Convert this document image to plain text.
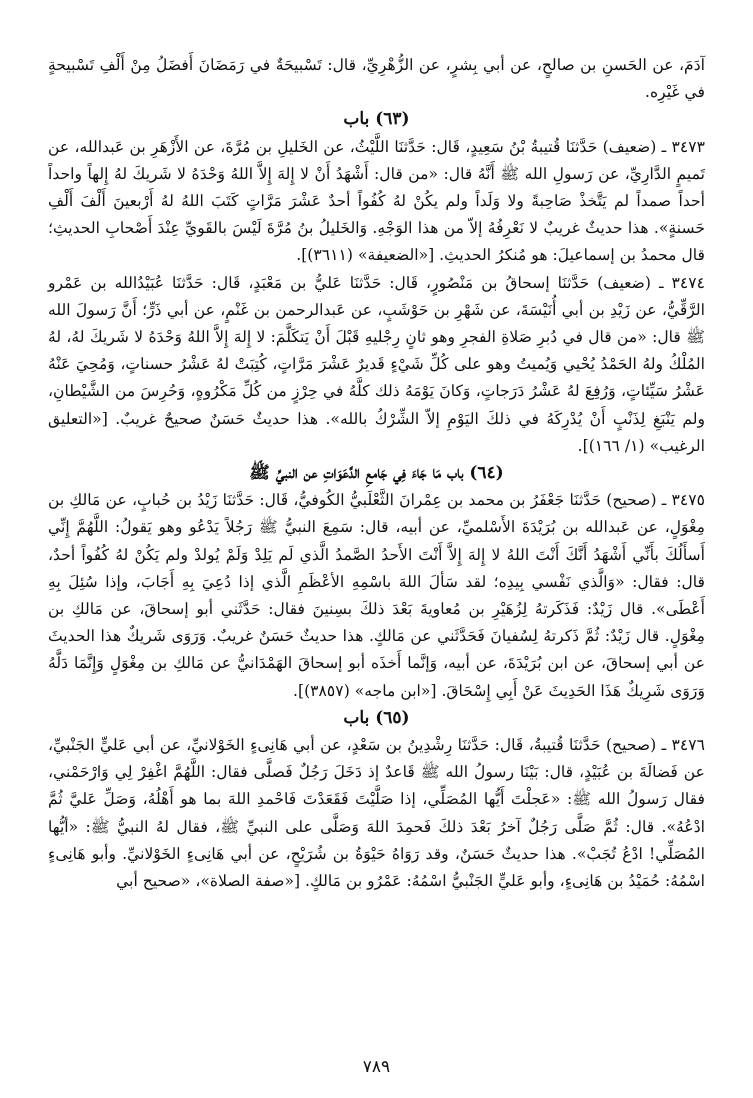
آدَمَ، عن الحَسنِ بن صالحٍ، عن أبي بِشرٍ، عن الزُّهْرِيِّ، قال: تَسْبيحَةٌ في رَمَضَانَ أَفضَلُ مِنْ أَلْفِ تَسْبيحةٍ في غَيْرِه.

(٦٣) باب

٣٤٧٣ ـ (ضعيف) حَدَّثنَا قُتيبةُ بْنُ سَعِيدٍ، قَال: حَدَّثنَا اللَّيْثُ، عن الخَليلِ بن مُرَّةَ، عن الأَزْهَرِ بن عَبدالله، عن تَميمٍ الدَّارِيِّ، عن رَسولِ الله ﷺ أَنَّهُ قال: «من قال: أَشْهَدُ أَنْ لا إِلهَ إِلاَّ اللهُ وَحْدَهُ لا شَريكَ لهُ إِلهاً واحداً أحداً صمداً لم يَتَّخذْ صَاحِبةً ولا وَلَداً ولم يكُنْ لهُ كُفُواً أحدٌ عَشْرَ مَرَّاتٍ كَتَبَ اللهُ لهُ أَرْبعينَ أَلْفَ أَلْفِ حَسنةٍ». هذا حديثٌ غريبٌ لا نَعْرِفُهُ إلاّ من هذا الوَجْهِ. وَالخَليلُ بنُ مُرَّةَ لَيْسَ بالقَويِّ عِنْدَ أَصْحابِ الحديثِ؛ قال محمدُ بن إسماعيلَ: هو مُنكرُ الحديثِ. [«الضعيفة» (٣٦١١)].

٣٤٧٤ ـ (ضعيف) حَدَّثنَا إسحاقُ بن مَنْصُورٍ، قَال: حَدَّثنَا عَليُّ بن مَعْبَدٍ، قَال: حَدَّثنَا عُبَيْدُالله بن عَمْرو الرَّقِّيُّ، عن زَيْدِ بن أبي أُنَيْسَةَ، عن شَهْرِ بن حَوْشَبٍ، عن عَبدالرحمن بن غَنْمٍ، عن أبي ذَرٍّ؛ أَنَّ رَسولَ الله ﷺ قال: «من قال في دُبرِ صَلاةِ الفجرِ وهو ثانٍ رِجْليهِ قَبْلَ أَنْ يَتكَلَّمَ: لا إِلهَ إِلاَّ اللهُ وَحْدَهُ لا شَريكَ لهُ، لهُ المُلْكُ ولهُ الحَمْدُ يُحْيي وَيُميتُ وهو على كُلِّ شَيْءٍ قَديرٌ عَشْرَ مَرَّاتٍ، كُتِبَتْ لهُ عَشْرُ حسناتٍ، وَمُحِيَ عَنْهُ عَشْرُ سَيِّئاتٍ، وَرُفِعَ لهُ عَشْرُ دَرَجاتٍ، وَكانَ يَوْمَهُ ذلك كلَّهُ في حِرْزٍ من كُلِّ مَكْرُوهٍ، وَحُرِسَ من الشَّيْطانِ، ولم يَنْبَغِ لِذَنْبٍ أَنْ يُدْرِكَهُ في ذلكَ اليَوْمِ إلاّ الشِّرْكُ بالله». هذا حديثٌ حَسَنٌ صحيحٌ غريبٌ. [«التعليق الرغيب» (١/ ١٦٦)].

(٦٤) باب مَا جَاءَ فِي جَامعِ الدَّعَوَاتِ عن النبيِّ ﷺ

٣٤٧٥ ـ (صحيح) حَدَّثنَا جَعْفَرُ بن محمد بن عِمْرانَ الثَّعْلَبيُّ الكُوفيُّ، قَال: حَدَّثنَا زَيْدُ بن حُبابٍ، عن مَالكِ بن مِغْوَلٍ، عن عَبدالله بن بُرَيْدَةَ الأَسْلميِّ، عن أبيه، قال: سَمِعَ النبيُّ ﷺ رَجُلاً يَدْعُو وهو يَقولُ: اللَّهُمَّ إِنِّي أَسأَلُكَ بأَنِّي أَشْهَدُ أَنَّكَ أَنْتَ اللهُ لا إِلهَ إِلاَّ أَنْتَ الأَحدُ الصَّمدُ الَّذي لَم يَلِدْ وَلَمْ يُولدْ ولم يَكُنْ لهُ كُفُواً أحدٌ، قال: فقال: «وَالَّذي نَفْسي بِيدِه؛ لقد سَألَ اللهَ باسْمِهِ الأعْظَمِ الَّذي إذا دُعِيَ بِهِ أَجَابَ، وإذا سُئِلَ بِهِ أَعْطَى». قال زَيْدٌ: فَذَكَرتهُ لِزُهَيْرِ بن مُعاويةَ بَعْدَ ذلكَ بسِنينَ فقال: حَدَّثَني أبو إسحاقَ، عن مَالكِ بن مِغْوَلٍ. قال زَيْدٌ: ثُمَّ ذَكرتهُ لِسُفيانَ فَحَدَّثَني عن مَالكٍ. هذا حديثٌ حَسَنٌ غريبٌ. وَرَوَى شَريكٌ هذا الحديثَ عن أبي إسحاقَ، عن ابن بُرَيْدَةَ، عن أبيه، وَإنَّما أَخذَه أبو إسحاقَ الهَمْدَانيُّ عن مَالكِ بن مِغْوَلٍ وَإِنَّمَا دَلَّهُ وَرَوَى شَرِيكٌ هَذَا الحَدِيثَ عَنْ أَبِي إِسْحَاقَ. [«ابن ماجه» (٣٨٥٧)].

(٦٥) باب

٣٤٧٦ ـ (صحيح) حَدَّثنَا قُتيبةُ، قَال: حَدَّثنَا رِشْدِينُ بن سَعْدٍ، عن أبي هَانِىءٍ الخَوْلانيِّ، عن أبي عَليٍّ الجَنْبيِّ، عن فَضالَةَ بن عُبَيْدٍ، قال: بَيْنَا رسولُ الله ﷺ قَاعدٌ إذ دَخَلَ رَجُلٌ فَصلَّى فقال: اللَّهُمَّ اغْفِرْ لِي وَارْحَمْني، فقال رَسولُ الله ﷺ: «عَجلْتَ أَيُّها المُصَلِّي، إذا صَلَّيْتَ فَقَعَدْتَ فَاحْمدِ اللهَ بما هو أَهْلُهُ، وَصَلِّ عَليَّ ثُمَّ ادْعُهُ». قال: ثُمَّ صَلَّى رَجُلٌ آخرُ بَعْدَ ذلكَ فَحمِدَ اللهَ وَصَلَّى على النبيِّ ﷺ، فقال لهُ النبيُّ ﷺ: «أيُّها المُصَلِّي! ادْعُ تُجَبْ». هذا حديثٌ حَسَنٌ، وقد رَوَاهُ حَيْوَةُ بن شُرَيْحٍ، عن أبي هَانِىءٍ الخَوْلانيِّ. وأبو هَانِىءٍ اسْمُهُ: حُمَيْدُ بن هَانِىءٍ، وأبو عَليٍّ الجَنْبيُّ اسْمُهُ: عَمْرُو بن مَالكٍ. [«صفة الصلاة»، «صحيح أبي

٧٨٩
